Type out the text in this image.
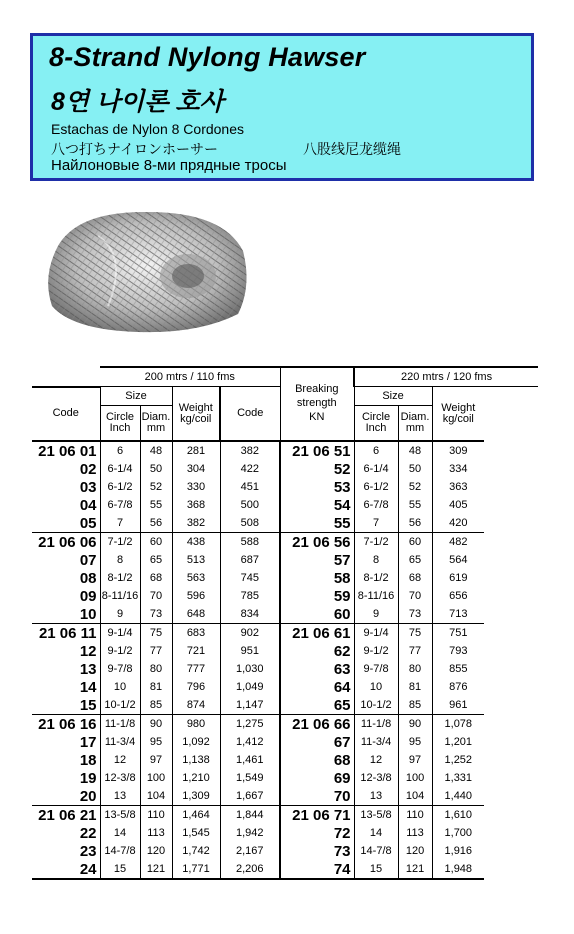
8-Strand Nylong Hawser
8연 나이론 호사
Estachas de Nylon 8 Cordones
八つ打ちナイロンホーサー	八股线尼龙缆绳
Найлоновые 8-ми прядные тросы
	200 mtrs / 110 fms				Breaking
strength
KN	220 mtrs / 120 fms		
Code	Size		Weight
kg/coil	Code		Size		Weight
kg/coil

	Circle
Inch	Diam.
mm				Circle
Inch	Diam.
mm	
21 06 01	6	48	281	382	21 06 51	6	48	309
02	6-1/4	50	304	422	52	6-1/4	50	334
03	6-1/2	52	330	451	53	6-1/2	52	363
04	6-7/8	55	368	500	54	6-7/8	55	405
05	7	56	382	508	55	7	56	420
21 06 06	7-1/2	60	438	588	21 06 56	7-1/2	60	482
07	8	65	513	687	57	8	65	564
08	8-1/2	68	563	745	58	8-1/2	68	619
09	8-11/16	70	596	785	59	8-11/16	70	656
10	9	73	648	834	60	9	73	713
21 06 11	9-1/4	75	683	902	21 06 61	9-1/4	75	751
12	9-1/2	77	721	951	62	9-1/2	77	793
13	9-7/8	80	777	1,030	63	9-7/8	80	855
14	10	81	796	1,049	64	10	81	876
15	10-1/2	85	874	1,147	65	10-1/2	85	961
21 06 16	11-1/8	90	980	1,275	21 06 66	11-1/8	90	1,078
17	11-3/4	95	1,092	1,412	67	11-3/4	95	1,201
18	12	97	1,138	1,461	68	12	97	1,252
19	12-3/8	100	1,210	1,549	69	12-3/8	100	1,331
20	13	104	1,309	1,667	70	13	104	1,440
21 06 21	13-5/8	110	1,464	1,844	21 06 71	13-5/8	110	1,610
22	14	113	1,545	1,942	72	14	113	1,700
23	14-7/8	120	1,742	2,167	73	14-7/8	120	1,916
24	15	121	1,771	2,206	74	15	121	1,948
